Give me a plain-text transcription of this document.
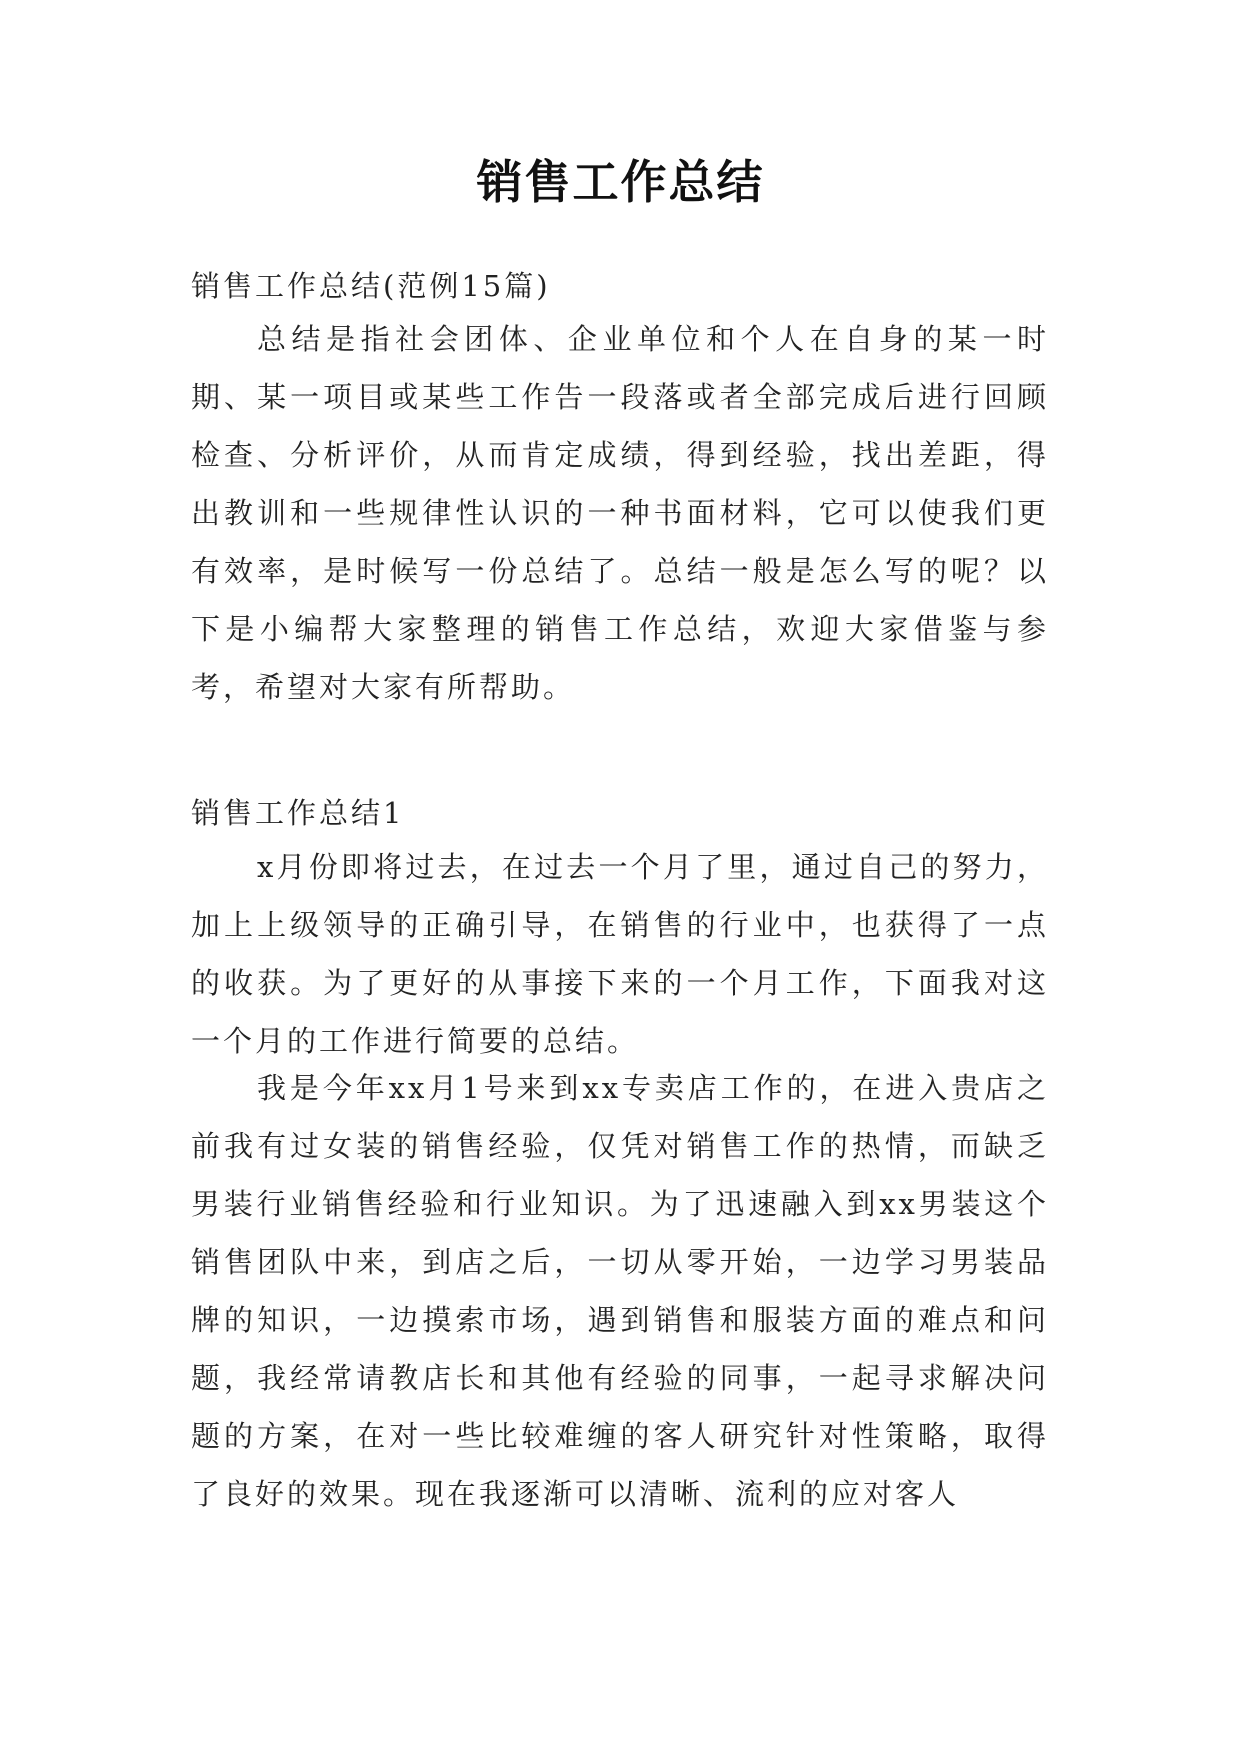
销售工作总结

销售工作总结(范例15篇)

总结是指社会团体、企业单位和个人在自身的某一时期、某一项目或某些工作告一段落或者全部完成后进行回顾检查、分析评价，从而肯定成绩，得到经验，找出差距，得出教训和一些规律性认识的一种书面材料，它可以使我们更有效率，是时候写一份总结了。总结一般是怎么写的呢？以下是小编帮大家整理的销售工作总结，欢迎大家借鉴与参考，希望对大家有所帮助。

销售工作总结1

x月份即将过去，在过去一个月了里，通过自己的努力，加上上级领导的正确引导，在销售的行业中，也获得了一点的收获。为了更好的从事接下来的一个月工作，下面我对这一个月的工作进行简要的总结。

我是今年xx月1号来到xx专卖店工作的，在进入贵店之前我有过女装的销售经验，仅凭对销售工作的热情，而缺乏男装行业销售经验和行业知识。为了迅速融入到xx男装这个销售团队中来，到店之后，一切从零开始，一边学习男装品牌的知识，一边摸索市场，遇到销售和服装方面的难点和问题，我经常请教店长和其他有经验的同事，一起寻求解决问题的方案，在对一些比较难缠的客人研究针对性策略，取得了良好的效果。现在我逐渐可以清晰、流利的应对客人
